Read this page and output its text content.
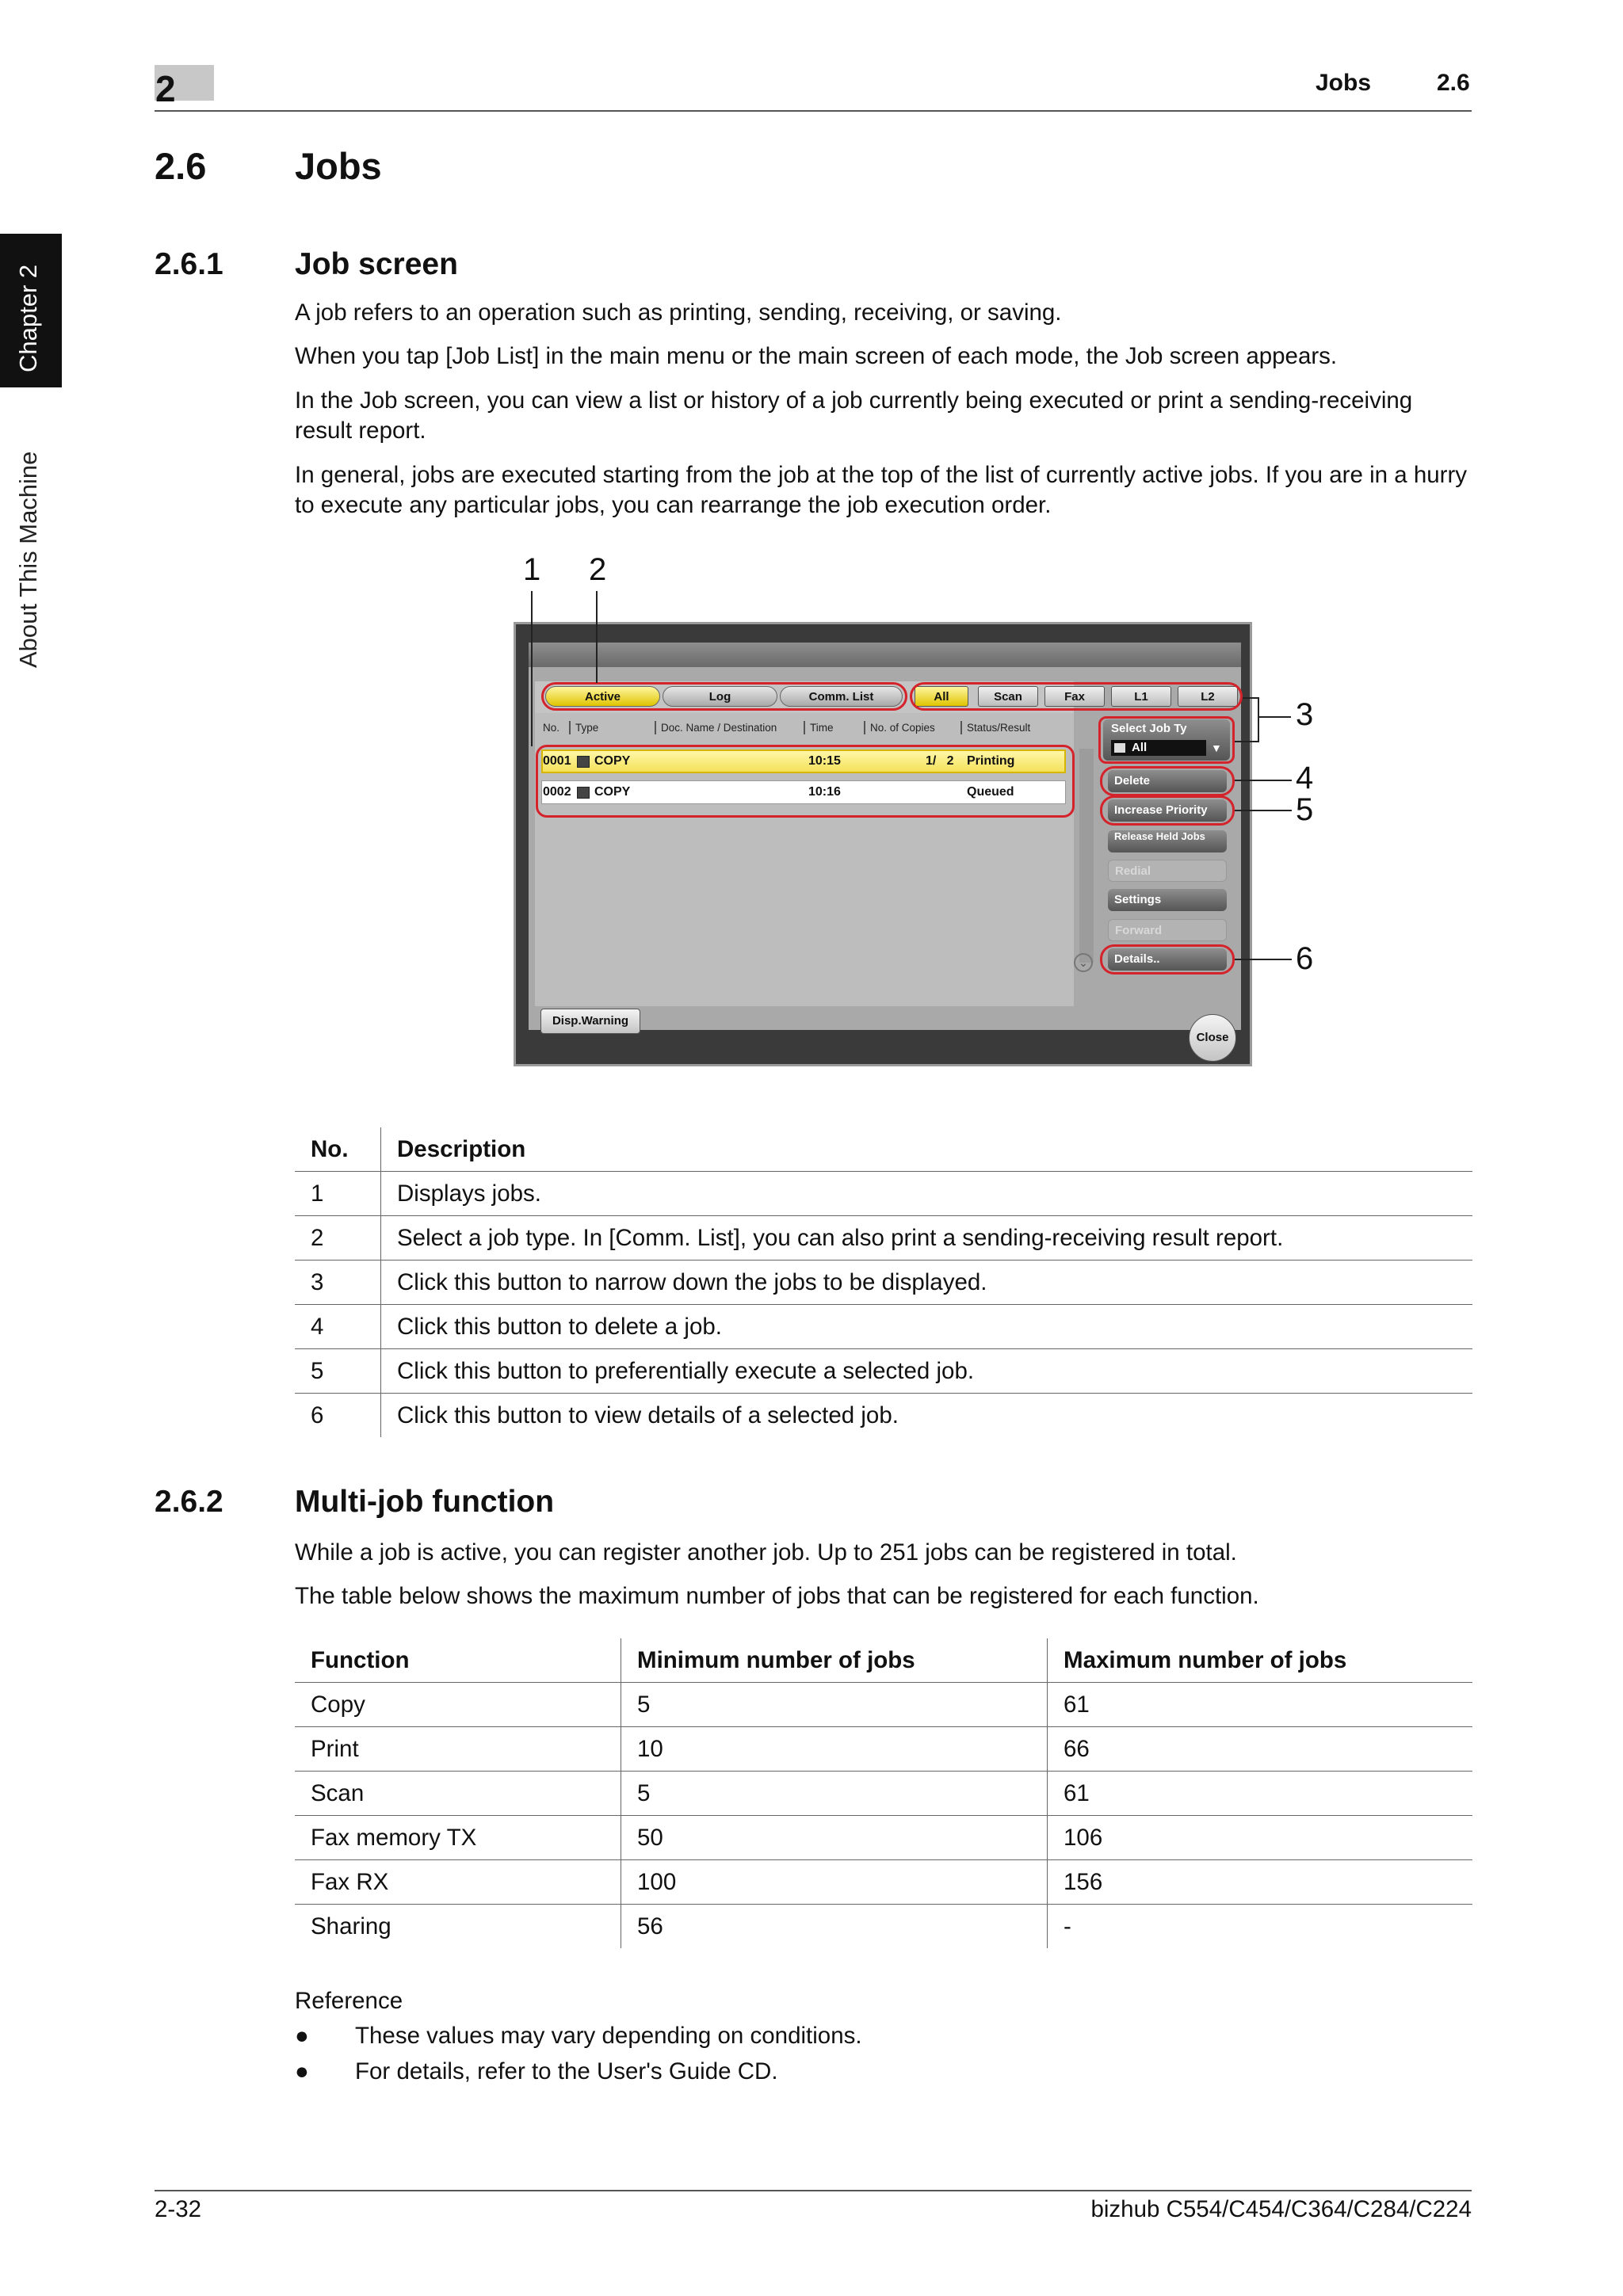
2	Jobs	2.6
Chapter 2
About This Machine
2.6 Jobs
2.6.1 Job screen

A job refers to an operation such as printing, sending, receiving, or saving.

When you tap [Job List] in the main menu or the main screen of each mode, the Job screen appears.

In the Job screen, you can view a list or history of a job currently being executed or print a sending-receiving result report.

In general, jobs are executed starting from the job at the top of the list of currently active jobs. If you are in a hurry to execute any particular jobs, you can rearrange the job execution order.

1 2
3
4
5
6
⌄
Active	Log	Comm. List	All	Scan	Fax	L1	L2
No. Type	Doc. Name / Destination	Time	No. of Copies	Status/Result
0001 COPY	10:15	1/   2 Printing
0002 COPY	10:16	Queued
Select Job Ty
All	▼
Delete
Increase Priority
Release Held Jobs
Redial
Settings
Forward
Details..
Disp.Warning
Close
No.	Description
1	Displays jobs.
2	Select a job type. In [Comm. List], you can also print a sending-receiving result report.
3	Click this button to narrow down the jobs to be displayed.
4	Click this button to delete a job.
5	Click this button to preferentially execute a selected job.
6	Click this button to view details of a selected job.
2.6.2 Multi-job function

While a job is active, you can register another job. Up to 251 jobs can be registered in total.

The table below shows the maximum number of jobs that can be registered for each function.

Function	Minimum number of jobs	Maximum number of jobs
Copy	5	61
Print	10	66
Scan	5	61
Fax memory TX	50	106
Fax RX	100	156
Sharing	56	-
Reference
● These values may vary depending on conditions.
● For details, refer to the User's Guide CD.
2-32	bizhub C554/C454/C364/C284/C224
